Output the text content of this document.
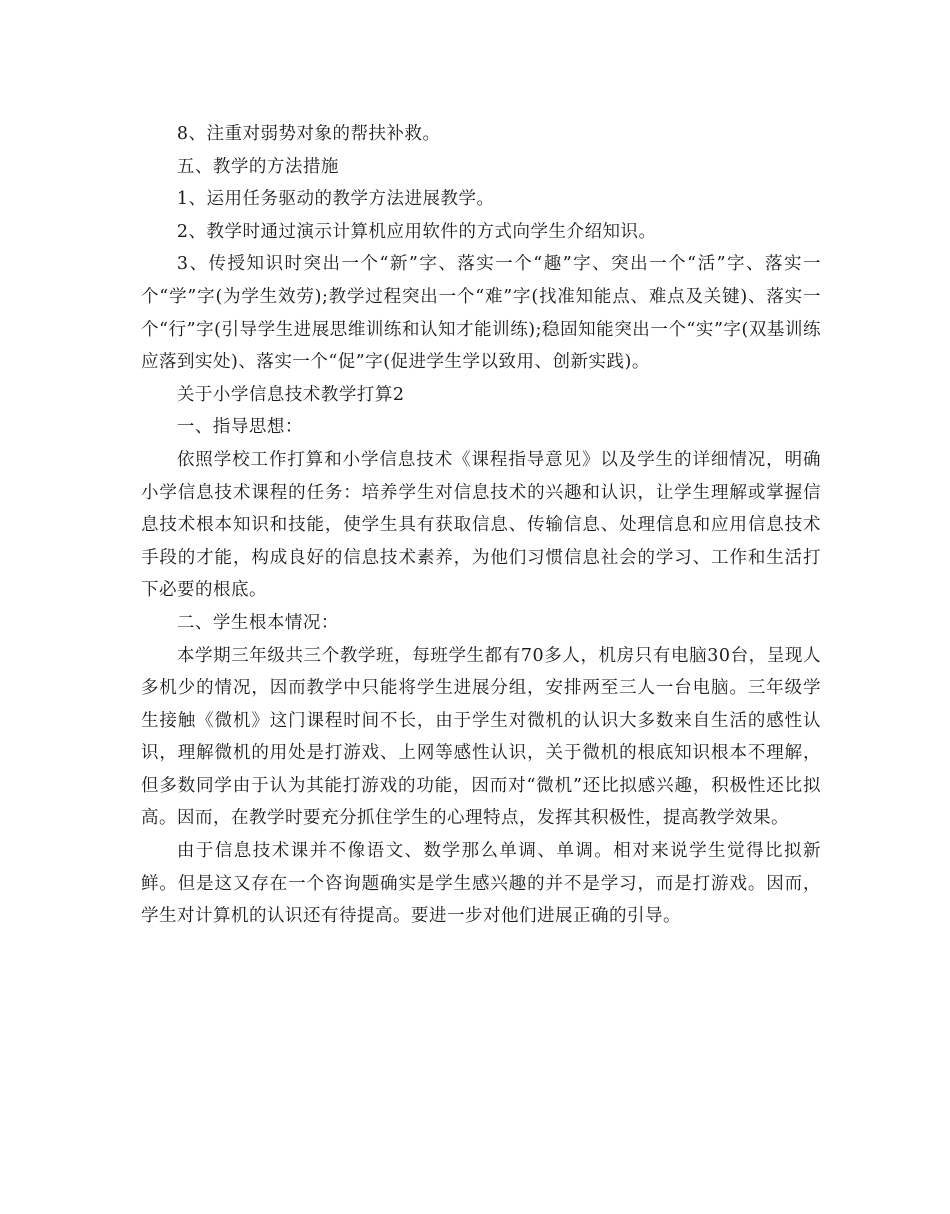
8、注重对弱势对象的帮扶补救。

五、教学的方法措施

1、运用任务驱动的教学方法进展教学。

2、教学时通过演示计算机应用软件的方式向学生介绍知识。

3、传授知识时突出一个“新”字、落实一个“趣”字、突出一个“活”字、落实一个“学”字(为学生效劳);教学过程突出一个“难”字(找准知能点、难点及关键)、落实一个“行”字(引导学生进展思维训练和认知才能训练);稳固知能突出一个“实”字(双基训练应落到实处)、落实一个“促”字(促进学生学以致用、创新实践)。

关于小学信息技术教学打算2

一、指导思想：

依照学校工作打算和小学信息技术《课程指导意见》以及学生的详细情况，明确小学信息技术课程的任务：培养学生对信息技术的兴趣和认识，让学生理解或掌握信息技术根本知识和技能，使学生具有获取信息、传输信息、处理信息和应用信息技术手段的才能，构成良好的信息技术素养，为他们习惯信息社会的学习、工作和生活打下必要的根底。

二、学生根本情况：

本学期三年级共三个教学班，每班学生都有70多人，机房只有电脑30台，呈现人多机少的情况，因而教学中只能将学生进展分组，安排两至三人一台电脑。三年级学生接触《微机》这门课程时间不长，由于学生对微机的认识大多数来自生活的感性认识，理解微机的用处是打游戏、上网等感性认识，关于微机的根底知识根本不理解，但多数同学由于认为其能打游戏的功能，因而对“微机”还比拟感兴趣，积极性还比拟高。因而，在教学时要充分抓住学生的心理特点，发挥其积极性，提高教学效果。

由于信息技术课并不像语文、数学那么单调、单调。相对来说学生觉得比拟新鲜。但是这又存在一个咨询题确实是学生感兴趣的并不是学习，而是打游戏。因而，学生对计算机的认识还有待提高。要进一步对他们进展正确的引导。
